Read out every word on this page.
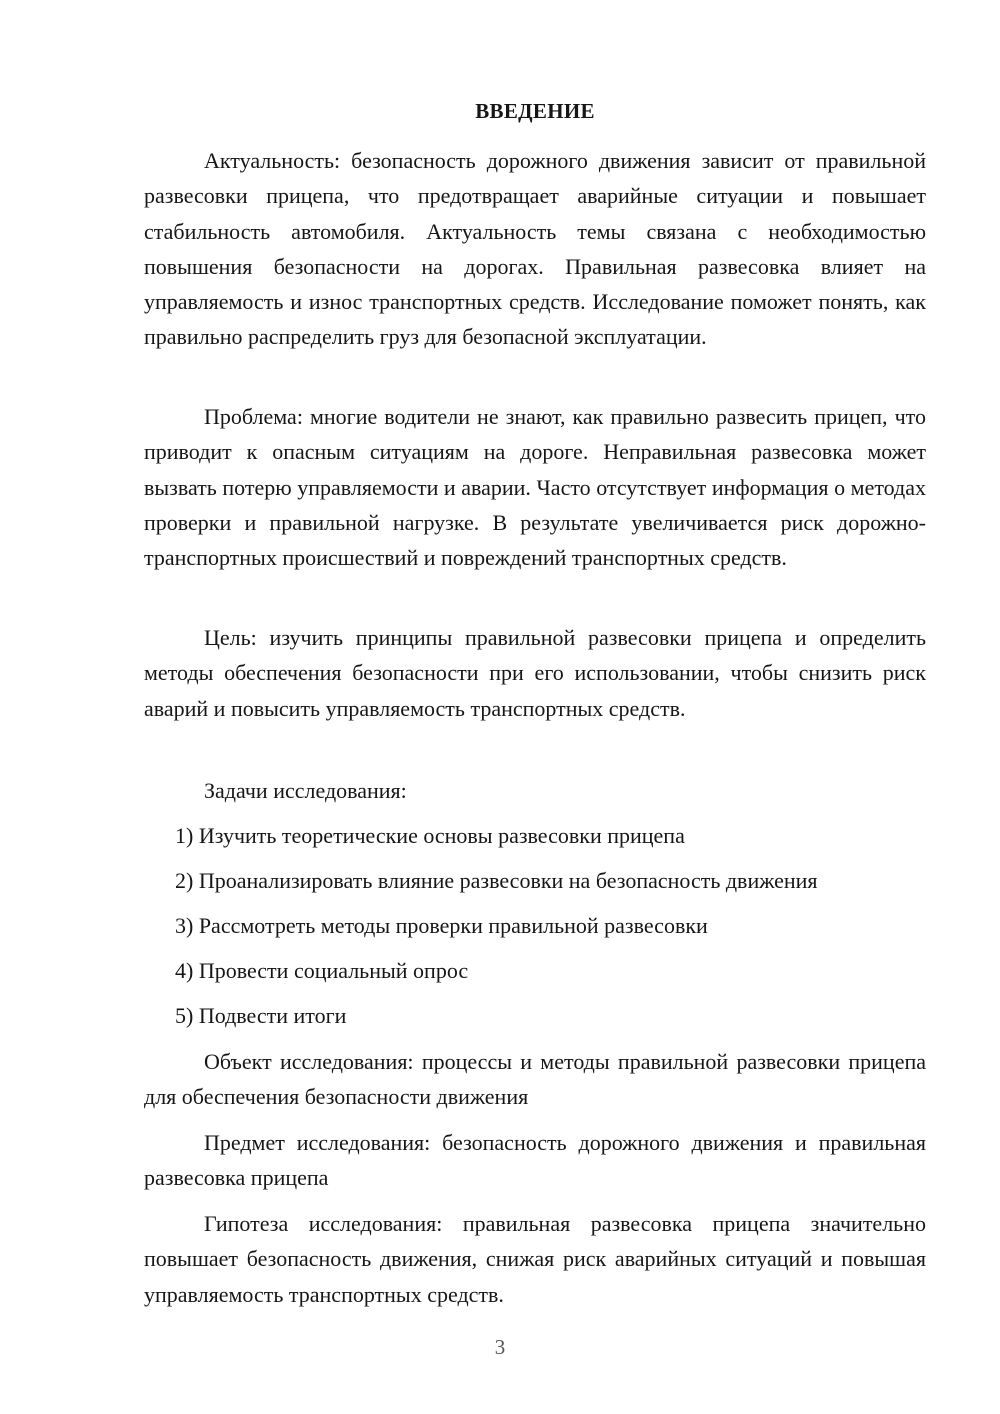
ВВЕДЕНИЕ

Актуальность: безопасность дорожного движения зависит от правильной развесовки прицепа, что предотвращает аварийные ситуации и повышает стабильность автомобиля. Актуальность темы связана с необходимостью повышения безопасности на дорогах. Правильная развесовка влияет на управляемость и износ транспортных средств. Исследование поможет понять, как правильно распределить груз для безопасной эксплуатации.

Проблема: многие водители не знают, как правильно развесить прицеп, что приводит к опасным ситуациям на дороге. Неправильная развесовка может вызвать потерю управляемости и аварии. Часто отсутствует информация о методах проверки и правильной нагрузке. В результате увеличивается риск дорожно-транспортных происшествий и повреждений транспортных средств.

Цель: изучить принципы правильной развесовки прицепа и определить методы обеспечения безопасности при его использовании, чтобы снизить риск аварий и повысить управляемость транспортных средств.

Задачи исследования:
1) Изучить теоретические основы развесовки прицепа
2) Проанализировать влияние развесовки на безопасность движения
3) Рассмотреть методы проверки правильной развесовки
4) Провести социальный опрос
5) Подвести итоги

Объект исследования: процессы и методы правильной развесовки прицепа для обеспечения безопасности движения

Предмет исследования: безопасность дорожного движения и правильная развесовка прицепа

Гипотеза исследования: правильная развесовка прицепа значительно повышает безопасность движения, снижая риск аварийных ситуаций и повышая управляемость транспортных средств.

3
